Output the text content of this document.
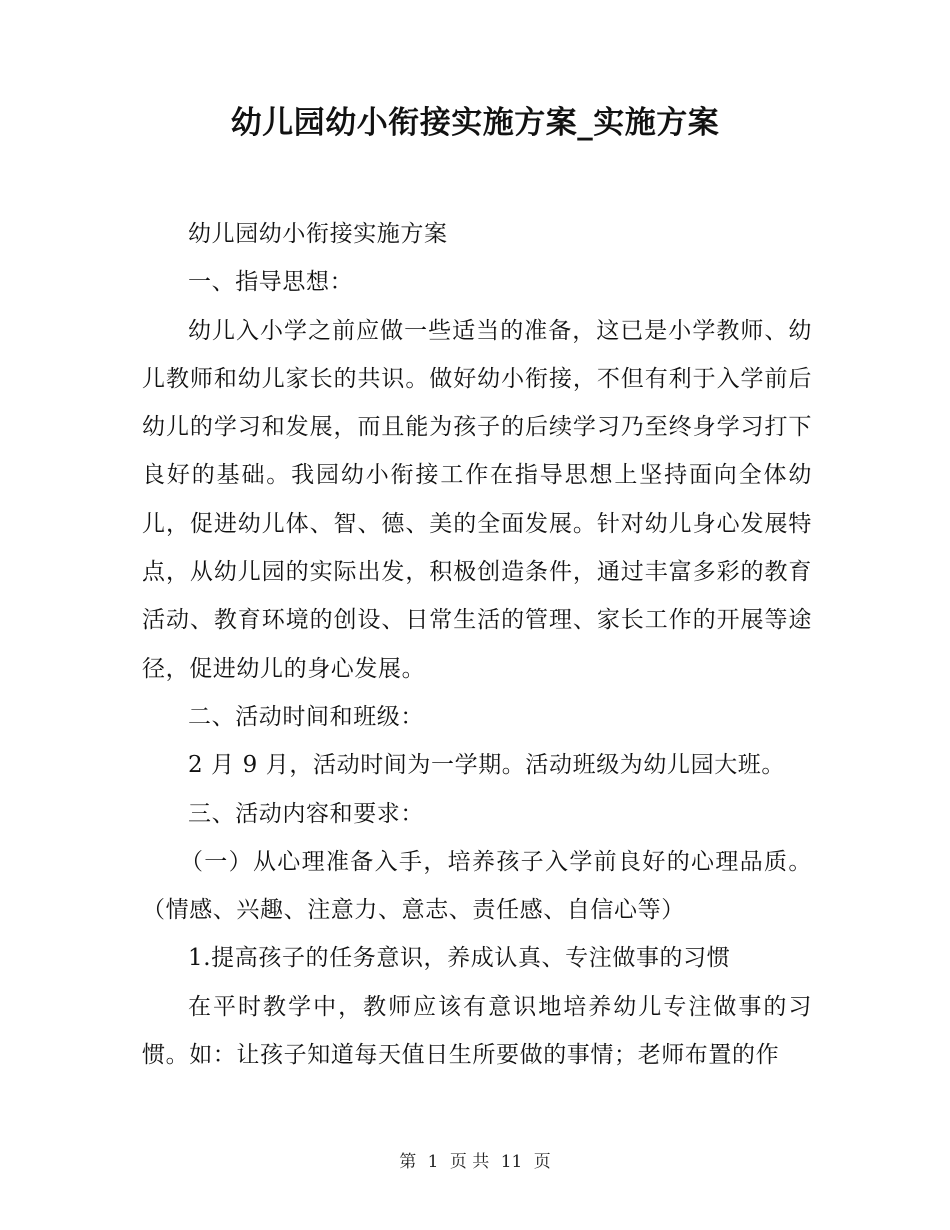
幼儿园幼小衔接实施方案_实施方案

幼儿园幼小衔接实施方案

一、指导思想：

幼儿入小学之前应做一些适当的准备，这已是小学教师、幼儿教师和幼儿家长的共识。做好幼小衔接，不但有利于入学前后幼儿的学习和发展，而且能为孩子的后续学习乃至终身学习打下良好的基础。我园幼小衔接工作在指导思想上坚持面向全体幼儿，促进幼儿体、智、德、美的全面发展。针对幼儿身心发展特点，从幼儿园的实际出发，积极创造条件，通过丰富多彩的教育活动、教育环境的创设、日常生活的管理、家长工作的开展等途径，促进幼儿的身心发展。

二、活动时间和班级：

2 月 9 月，活动时间为一学期。活动班级为幼儿园大班。

三、活动内容和要求：

（一）从心理准备入手，培养孩子入学前良好的心理品质。（情感、兴趣、注意力、意志、责任感、自信心等）

1.提高孩子的任务意识，养成认真、专注做事的习惯

在平时教学中，教师应该有意识地培养幼儿专注做事的习惯。如：让孩子知道每天值日生所要做的事情；老师布置的作

第 1 页 共 11 页
